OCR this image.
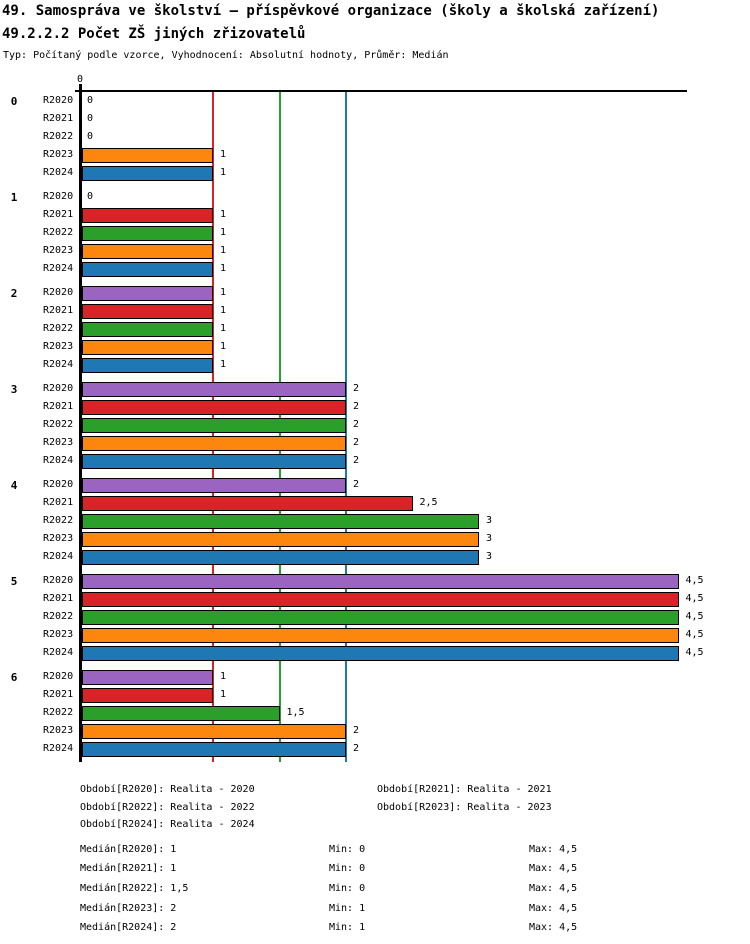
49. Samospráva ve školství – příspěvkové organizace (školy a školská zařízení)
49.2.2.2 Počet ZŠ jiných zřizovatelů
Typ: Počítaný podle vzorce, Vyhodnocení: Absolutní hodnoty, Průměr: Medián

0

0	R2020 0
R2021 0
R2022 0
R2023	1
R2024	1
1	R2020 0
R2021	1
R2022	1
R2023	1
R2024	1
2	R2020	1
R2021	1
R2022	1
R2023	1
R2024	1
3	R2020	2
R2021	2
R2022	2
R2023	2
R2024	2
4	R2020	2
R2021	2,5
R2022	3
R2023	3
R2024	3
5	R2020	4,5
R2021	4,5
R2022	4,5
R2023	4,5
R2024	4,5
6	R2020	1
R2021	1
R2022	1,5
R2023	2
R2024	2
Období[R2020]: Realita - 2020	Období[R2021]: Realita - 2021
Období[R2022]: Realita - 2022	Období[R2023]: Realita - 2023
Období[R2024]: Realita - 2024
Medián[R2020]: 1	Min: 0	Max: 4,5
Medián[R2021]: 1	Min: 0	Max: 4,5
Medián[R2022]: 1,5	Min: 0	Max: 4,5
Medián[R2023]: 2	Min: 1	Max: 4,5
Medián[R2024]: 2	Min: 1	Max: 4,5
